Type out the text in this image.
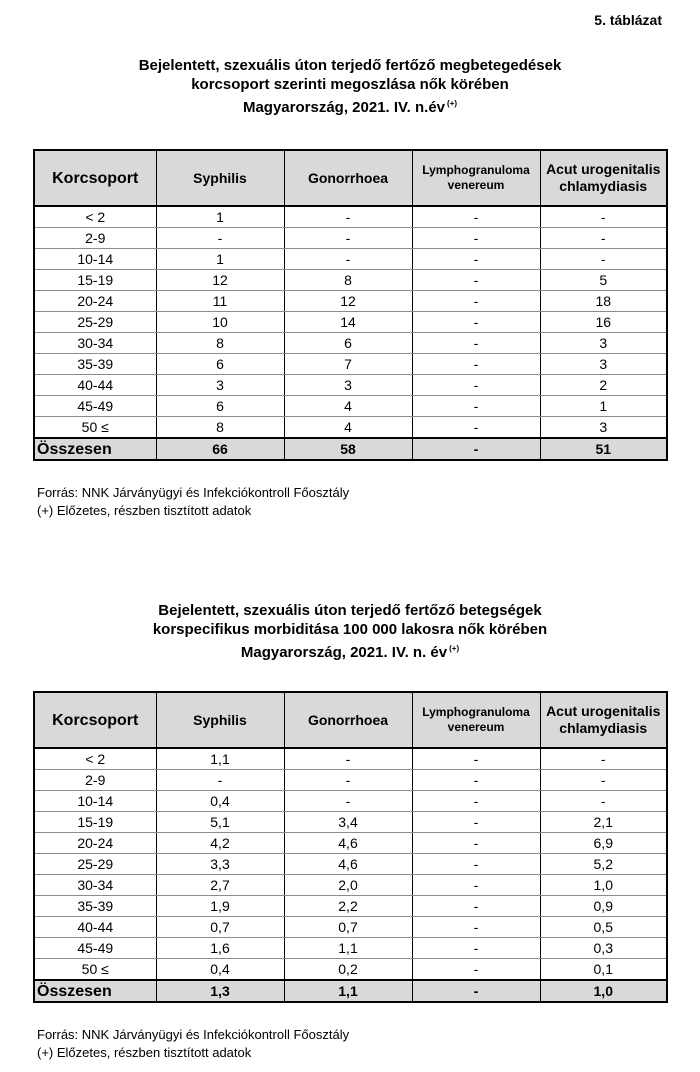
5. táblázat
Bejelentett, szexuális úton terjedő fertőző megbetegedések
korcsoport szerinti megoszlása nők körében
Magyarország, 2021. IV. n.év (+)
Korcsoport	Syphilis	Gonorrhoea	Lymphogranuloma venereum	Acut urogenitalis chlamydiasis
< 2	1	-	-	-
2-9	-	-	-	-
10-14	1	-	-	-
15-19	12	8	-	5
20-24	11	12	-	18
25-29	10	14	-	16
30-34	8	6	-	3
35-39	6	7	-	3
40-44	3	3	-	2
45-49	6	4	-	1
50 ≤	8	4	-	3
Összesen	66	58	-	51
Forrás: NNK Járványügyi és Infekciókontroll Főosztály
(+) Előzetes, részben tisztított adatok
Bejelentett, szexuális úton terjedő fertőző betegségek
korspecifikus morbiditása 100 000 lakosra nők körében
Magyarország, 2021. IV. n. év (+)
Korcsoport	Syphilis	Gonorrhoea	Lymphogranuloma venereum	Acut urogenitalis chlamydiasis
< 2	1,1	-	-	-
2-9	-	-	-	-
10-14	0,4	-	-	-
15-19	5,1	3,4	-	2,1
20-24	4,2	4,6	-	6,9
25-29	3,3	4,6	-	5,2
30-34	2,7	2,0	-	1,0
35-39	1,9	2,2	-	0,9
40-44	0,7	0,7	-	0,5
45-49	1,6	1,1	-	0,3
50 ≤	0,4	0,2	-	0,1
Összesen	1,3	1,1	-	1,0
Forrás: NNK Járványügyi és Infekciókontroll Főosztály
(+) Előzetes, részben tisztított adatok
